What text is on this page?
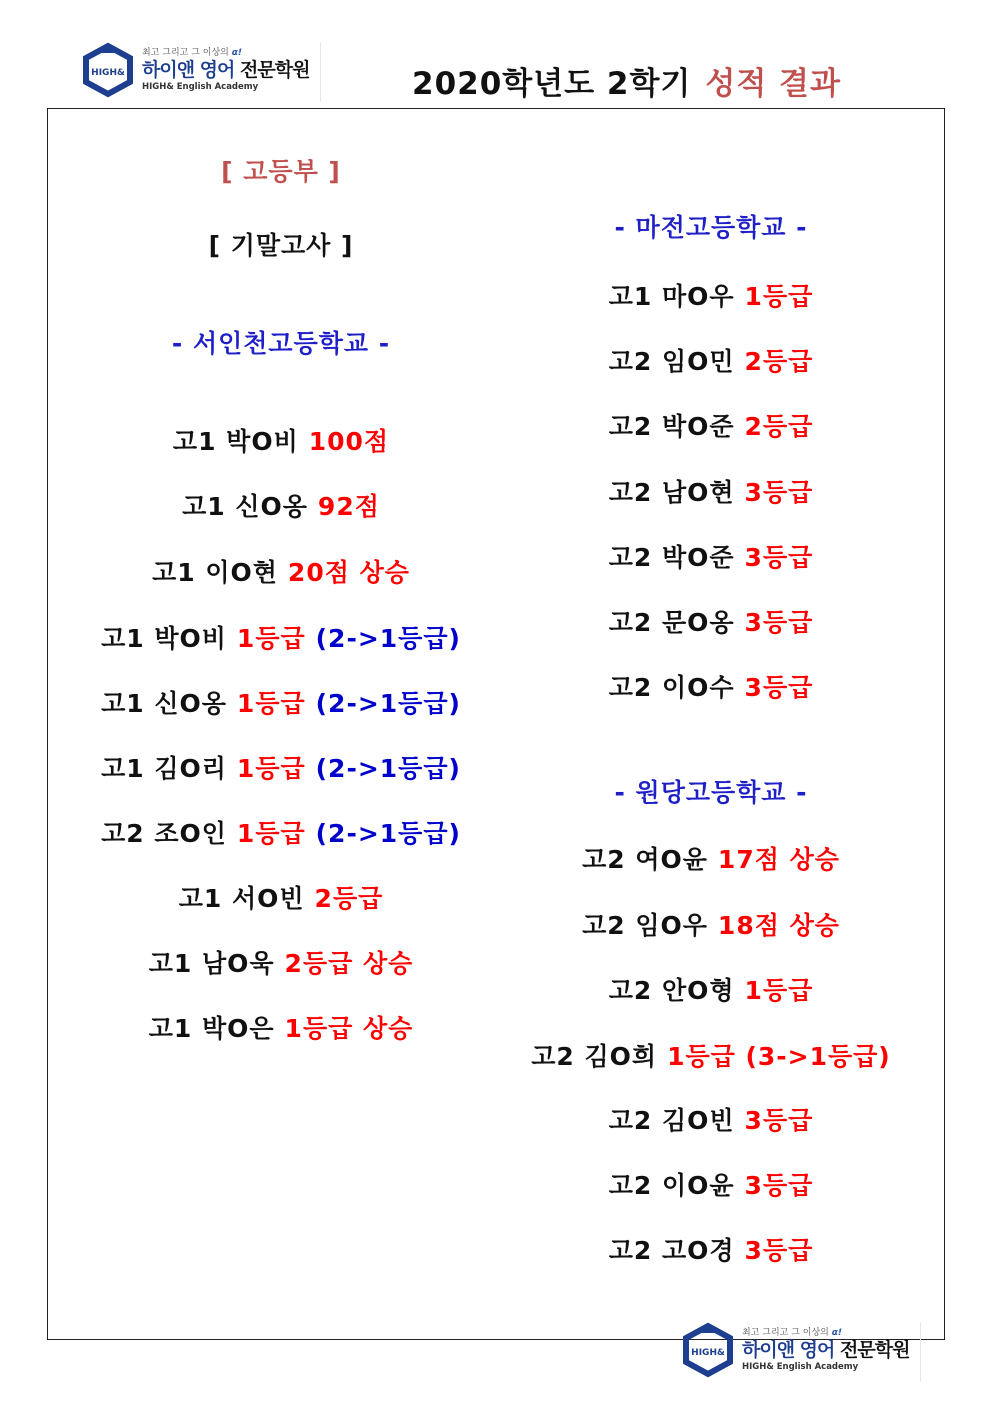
HIGH&
최고 그리고 그 이상의 α!
하이앤 영어 전문학원
HIGH& English Academy	2020학년도 2학기 성적 결과
[ 고등부 ]
[ 기말고사 ]
- 서인천고등학교 -
고1 박O비 100점
고1 신O옹 92점
고1 이O현 20점 상승
고1 박O비 1등급 (2->1등급)
고1 신O옹 1등급 (2->1등급)
고1 김O리 1등급 (2->1등급)
고2 조O인 1등급 (2->1등급)
고1 서O빈 2등급
고1 남O욱 2등급 상승
고1 박O은 1등급 상승
- 마전고등학교 -
고1 마O우 1등급
고2 임O민 2등급
고2 박O준 2등급
고2 남O현 3등급
고2 박O준 3등급
고2 문O옹 3등급
고2 이O수 3등급
- 원당고등학교 -
고2 여O윤 17점 상승
고2 임O우 18점 상승
고2 안O형 1등급
고2 김O희 1등급 (3->1등급)
고2 김O빈 3등급
고2 이O윤 3등급
고2 고O경 3등급
HIGH&
최고 그리고 그 이상의 α!
하이앤 영어 전문학원
HIGH& English Academy
